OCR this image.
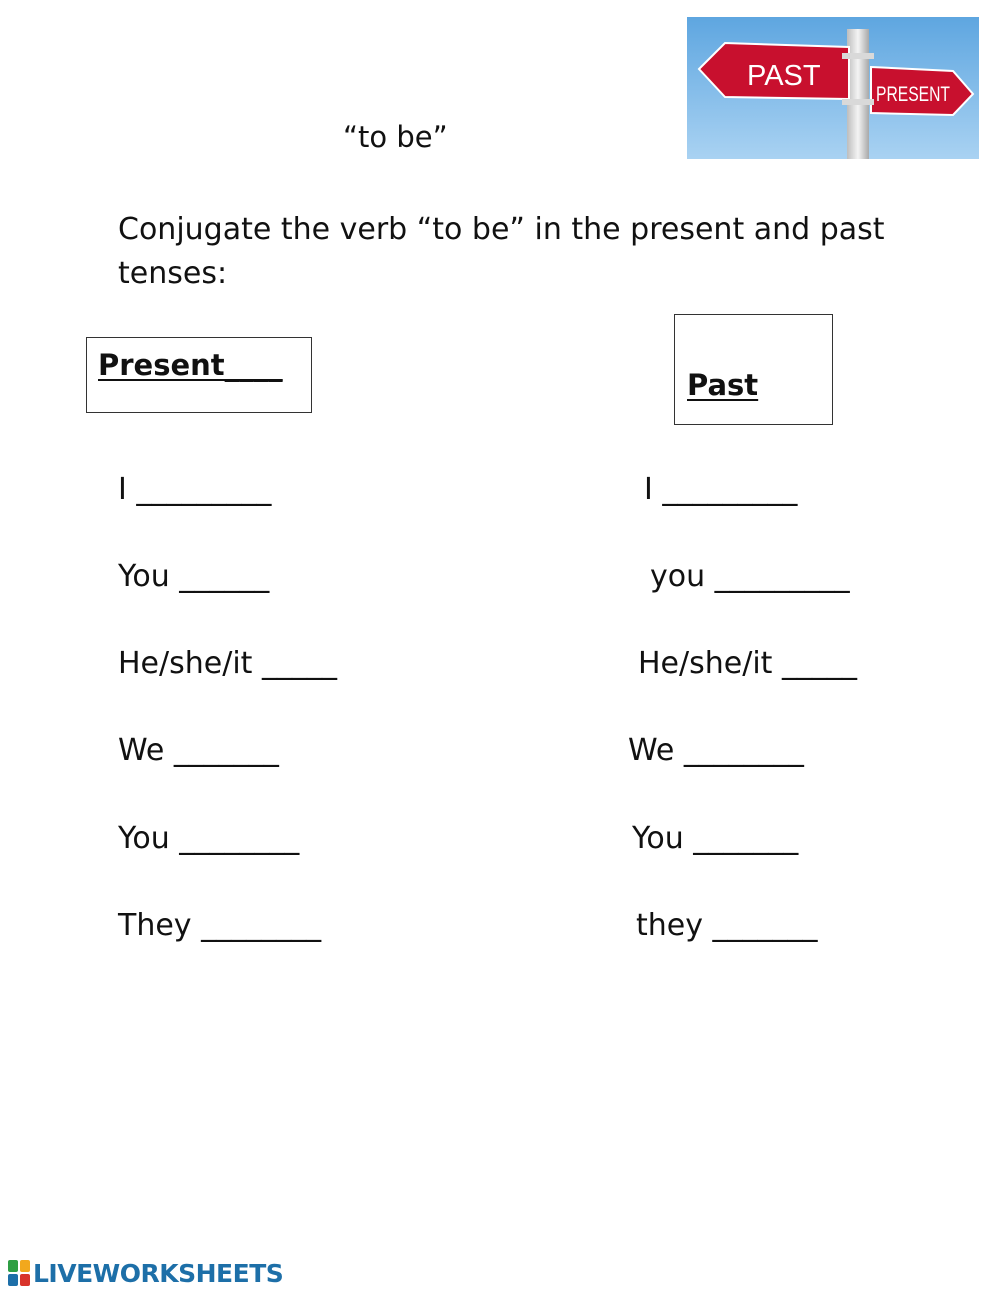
PAST
PRESENT
“to be”
Conjugate the verb “to be” in the present and past tenses:
Present____
I _________
You ______
He/she/it _____
We _______
You ________
They ________
Past
I _________
you _________
He/she/it _____
We ________
You _______
they _______
LIVEWORKSHEETS
